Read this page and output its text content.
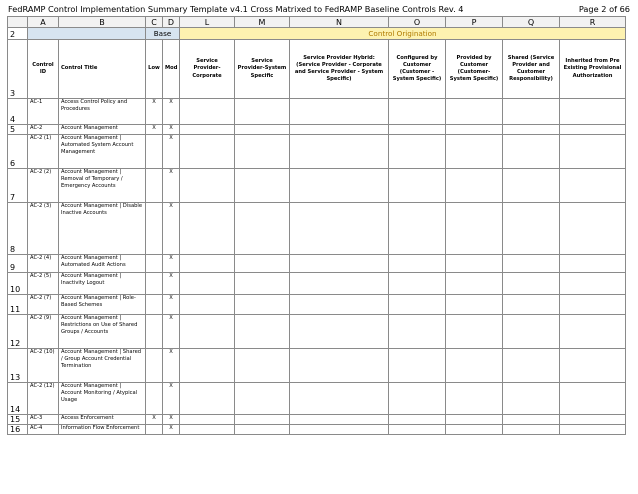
FedRAMP Control Implementation Summary Template v4.1 Cross Matrixed to FedRAMP Baseline Controls Rev. 4	Page 2 of 66
	A	B	C	D	L	M	N	O	P	Q	R
2			Base		Control Origination						
3	Control ID	Control Title	Low	Mod	Service Provider-Corporate	Service Provider-System Specific	Service Provider Hybrid: (Service Provider - Corporate and Service Provider - System Specific)	Configured by Customer (Customer - System Specific)	Provided by Customer (Customer- System Specific)	Shared (Service Provider and Customer Responsibility)	Inherited from Pre Existing Provisional Authorization
4	AC-1	Access Control Policy and Procedures	X	X							
5	AC-2	Account Management	X	X							
6	AC-2 (1)	Account Management | Automated System Account Management		X							
7	AC-2 (2)	Account Management | Removal of Temporary / Emergency Accounts		X							
8	AC-2 (3)	Account Management | Disable Inactive Accounts		X							
9	AC-2 (4)	Account Management | Automated Audit Actions		X							
10	AC-2 (5)	Account Management | Inactivity Logout		X							
11	AC-2 (7)	Account Management | Role-Based Schemes		X							
12	AC-2 (9)	Account Management | Restrictions on Use of Shared Groups / Accounts		X							
13	AC-2 (10)	Account Management | Shared / Group Account Credential Termination		X							
14	AC-2 (12)	Account Management | Account Monitoring / Atypical Usage		X							
15	AC-3	Access Enforcement	X	X							
16	AC-4	Information Flow Enforcement		X							
